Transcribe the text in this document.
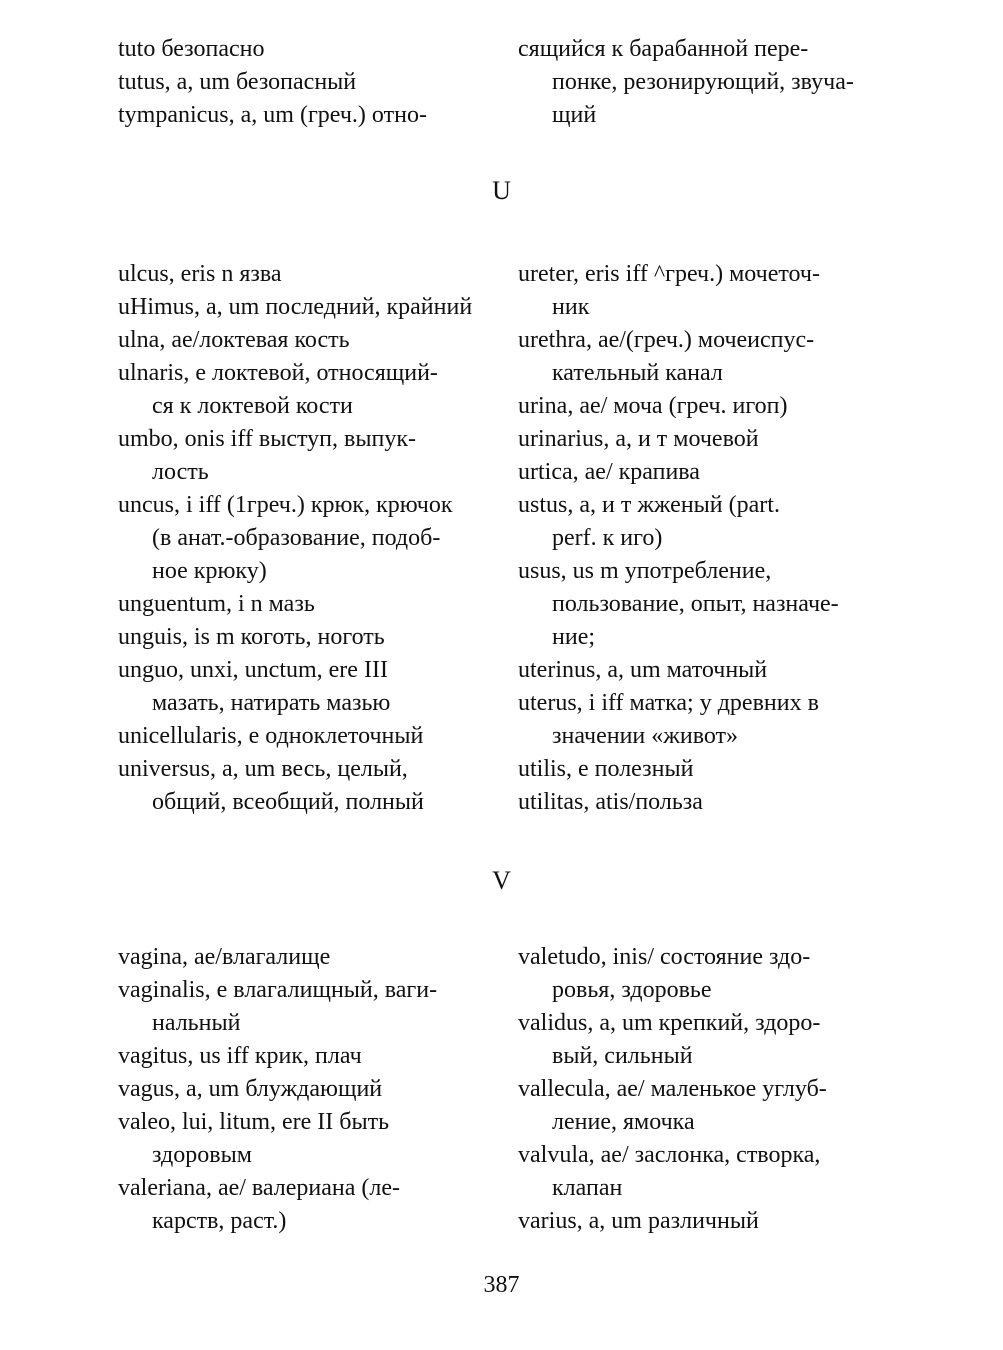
tuto безопасно
tutus, a, um безопасный
tympanicus, a, um (греч.) отно-
сящийся к барабанной пере-
понке, резонирующий, звуча-
щий
U
ulcus, eris n язва
uHimus, a, um последний, крайний
ulna, ae/локтевая кость
ulnaris, e локтевой, относящий-
ся к локтевой кости
umbo, onis iff выступ, выпук-
лость
uncus, i iff (1греч.) крюк, крючок
(в анат.-образование, подоб-
ное крюку)
unguentum, i n мазь
unguis, is m коготь, ноготь
unguo, unxi, unctum, ere III
мазать, натирать мазью
unicellularis, e одноклеточный
universus, a, um весь, целый,
общий, всеобщий, полный
ureter, eris iff ^греч.) мочеточ-
ник
urethra, ae/(греч.) мочеиспус-
кательный канал
urina, ae/ моча (греч. игоп)
urinarius, a, и т мочевой
urtica, ae/ крапива
ustus, a, и т жженый (part.
perf. к иго)
usus, us m употребление,
пользование, опыт, назначе-
ние;
uterinus, a, um маточный
uterus, i iff матка; у древних в
значении «живот»
utilis, e полезный
utilitas, atis/польза
V
vagina, ae/влагалище
vaginalis, e влагалищный, ваги-
нальный
vagitus, us iff крик, плач
vagus, a, um блуждающий
valeo, lui, litum, ere II быть
здоровым
valeriana, ae/ валериана (ле-
карств, раст.)
valetudo, inis/ состояние здо-
ровья, здоровье
validus, a, um крепкий, здоро-
вый, сильный
vallecula, ae/ маленькое углуб-
ление, ямочка
valvula, ae/ заслонка, створка,
клапан
varius, a, um различный
387
